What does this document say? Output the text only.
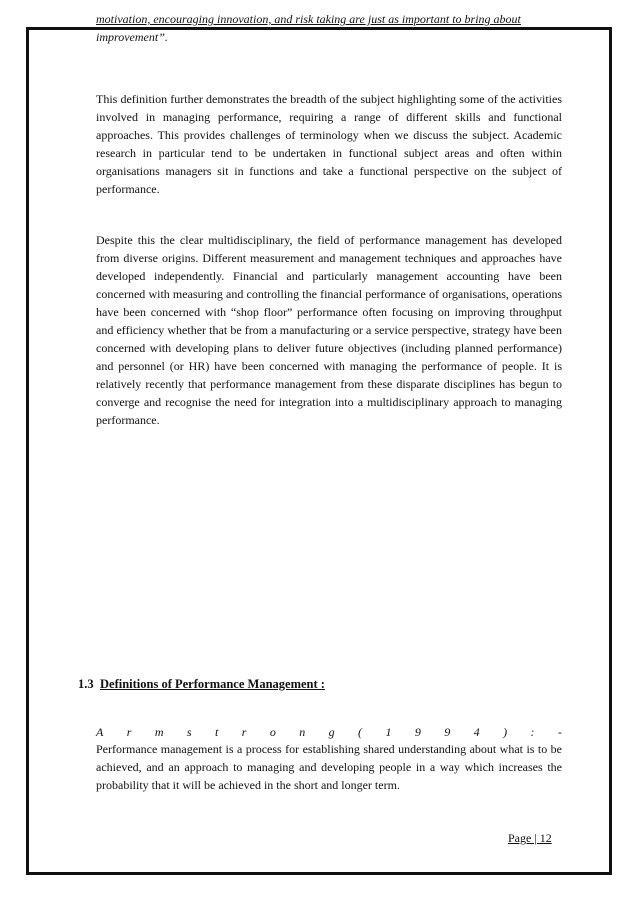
motivation, encouraging innovation, and risk taking are just as important to bring about
improvement”.
This definition further demonstrates the breadth of the subject highlighting some of the activities involved in managing performance, requiring a range of different skills and functional approaches. This provides challenges of terminology when we discuss the subject. Academic research in particular tend to be undertaken in functional subject areas and often within organisations managers sit in functions and take a functional perspective on the subject of performance.
Despite this the clear multidisciplinary, the field of performance management has developed from diverse origins. Different measurement and management techniques and approaches have developed independently. Financial and particularly management accounting have been concerned with measuring and controlling the financial performance of organisations, operations have been concerned with “shop floor” performance often focusing on improving throughput and efficiency whether that be from a manufacturing or a service perspective, strategy have been concerned with developing plans to deliver future objectives (including planned performance) and personnel (or HR) have been concerned with managing the performance of people. It is relatively recently that performance management from these disparate disciplines has begun to converge and recognise the need for integration into a multidisciplinary approach to managing performance.
1.3 Definitions of Performance Management :
A r m s t r o n g ( 1 9 9 4 ) : -
Performance management is a process for establishing shared understanding about what is to be achieved, and an approach to managing and developing people in a way which increases the probability that it will be achieved in the short and longer term.
Page | 12
